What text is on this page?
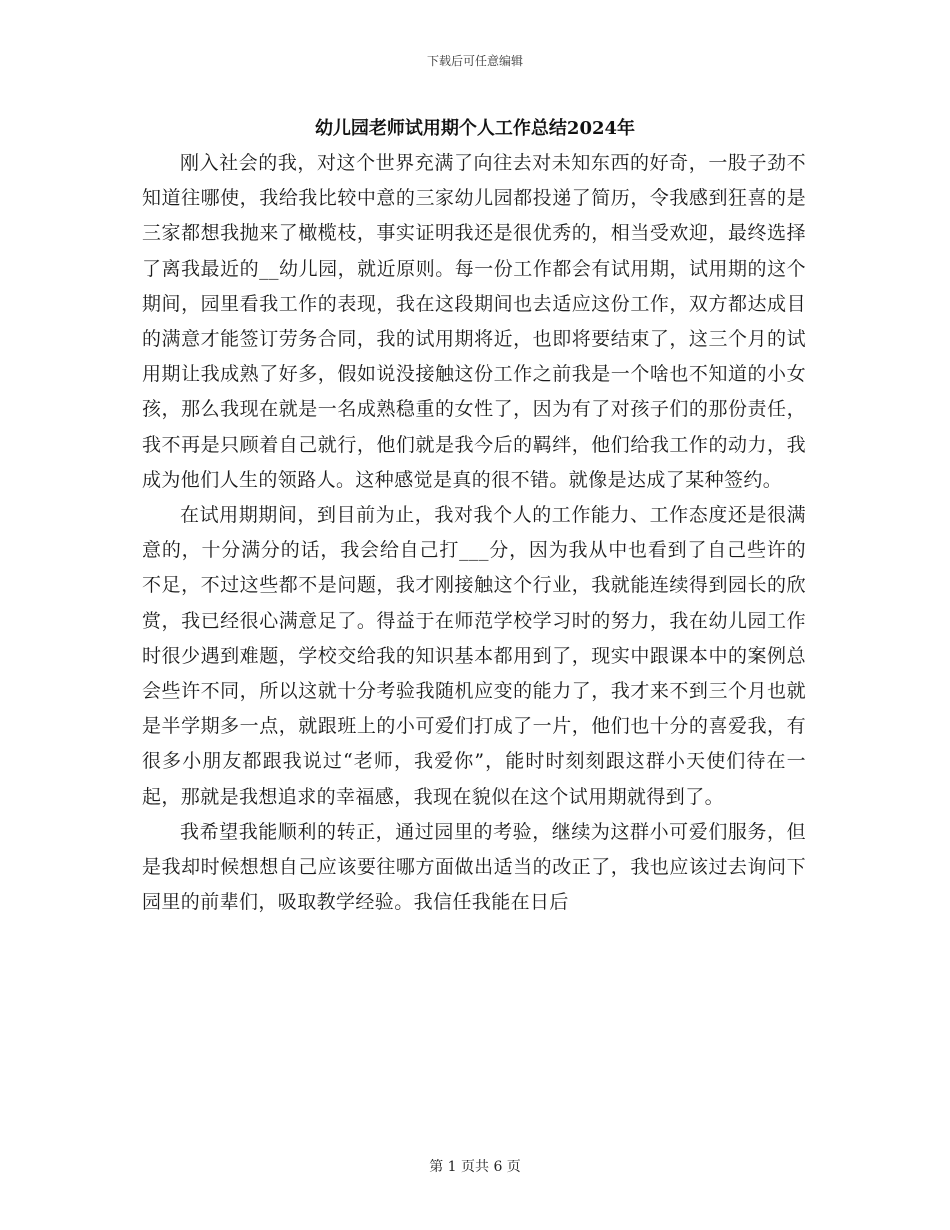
下载后可任意编辑
幼儿园老师试用期个人工作总结2024年

刚入社会的我，对这个世界充满了向往去对未知东西的好奇，一股子劲不知道往哪使，我给我比较中意的三家幼儿园都投递了简历，令我感到狂喜的是三家都想我抛来了橄榄枝，事实证明我还是很优秀的，相当受欢迎，最终选择了离我最近的__幼儿园，就近原则。每一份工作都会有试用期，试用期的这个期间，园里看我工作的表现，我在这段期间也去适应这份工作，双方都达成目的满意才能签订劳务合同，我的试用期将近，也即将要结束了，这三个月的试用期让我成熟了好多，假如说没接触这份工作之前我是一个啥也不知道的小女孩，那么我现在就是一名成熟稳重的女性了，因为有了对孩子们的那份责任，我不再是只顾着自己就行，他们就是我今后的羁绊，他们给我工作的动力，我成为他们人生的领路人。这种感觉是真的很不错。就像是达成了某种签约。

在试用期期间，到目前为止，我对我个人的工作能力、工作态度还是很满意的，十分满分的话，我会给自己打___分，因为我从中也看到了自己些许的不足，不过这些都不是问题，我才刚接触这个行业，我就能连续得到园长的欣赏，我已经很心满意足了。得益于在师范学校学习时的努力，我在幼儿园工作时很少遇到难题，学校交给我的知识基本都用到了，现实中跟课本中的案例总会些许不同，所以这就十分考验我随机应变的能力了，我才来不到三个月也就是半学期多一点，就跟班上的小可爱们打成了一片，他们也十分的喜爱我，有很多小朋友都跟我说过“老师，我爱你”，能时时刻刻跟这群小天使们待在一起，那就是我想追求的幸福感，我现在貌似在这个试用期就得到了。

我希望我能顺利的转正，通过园里的考验，继续为这群小可爱们服务，但是我却时候想想自己应该要往哪方面做出适当的改正了，我也应该过去询问下园里的前辈们，吸取教学经验。我信任我能在日后

第 1 页共 6 页
